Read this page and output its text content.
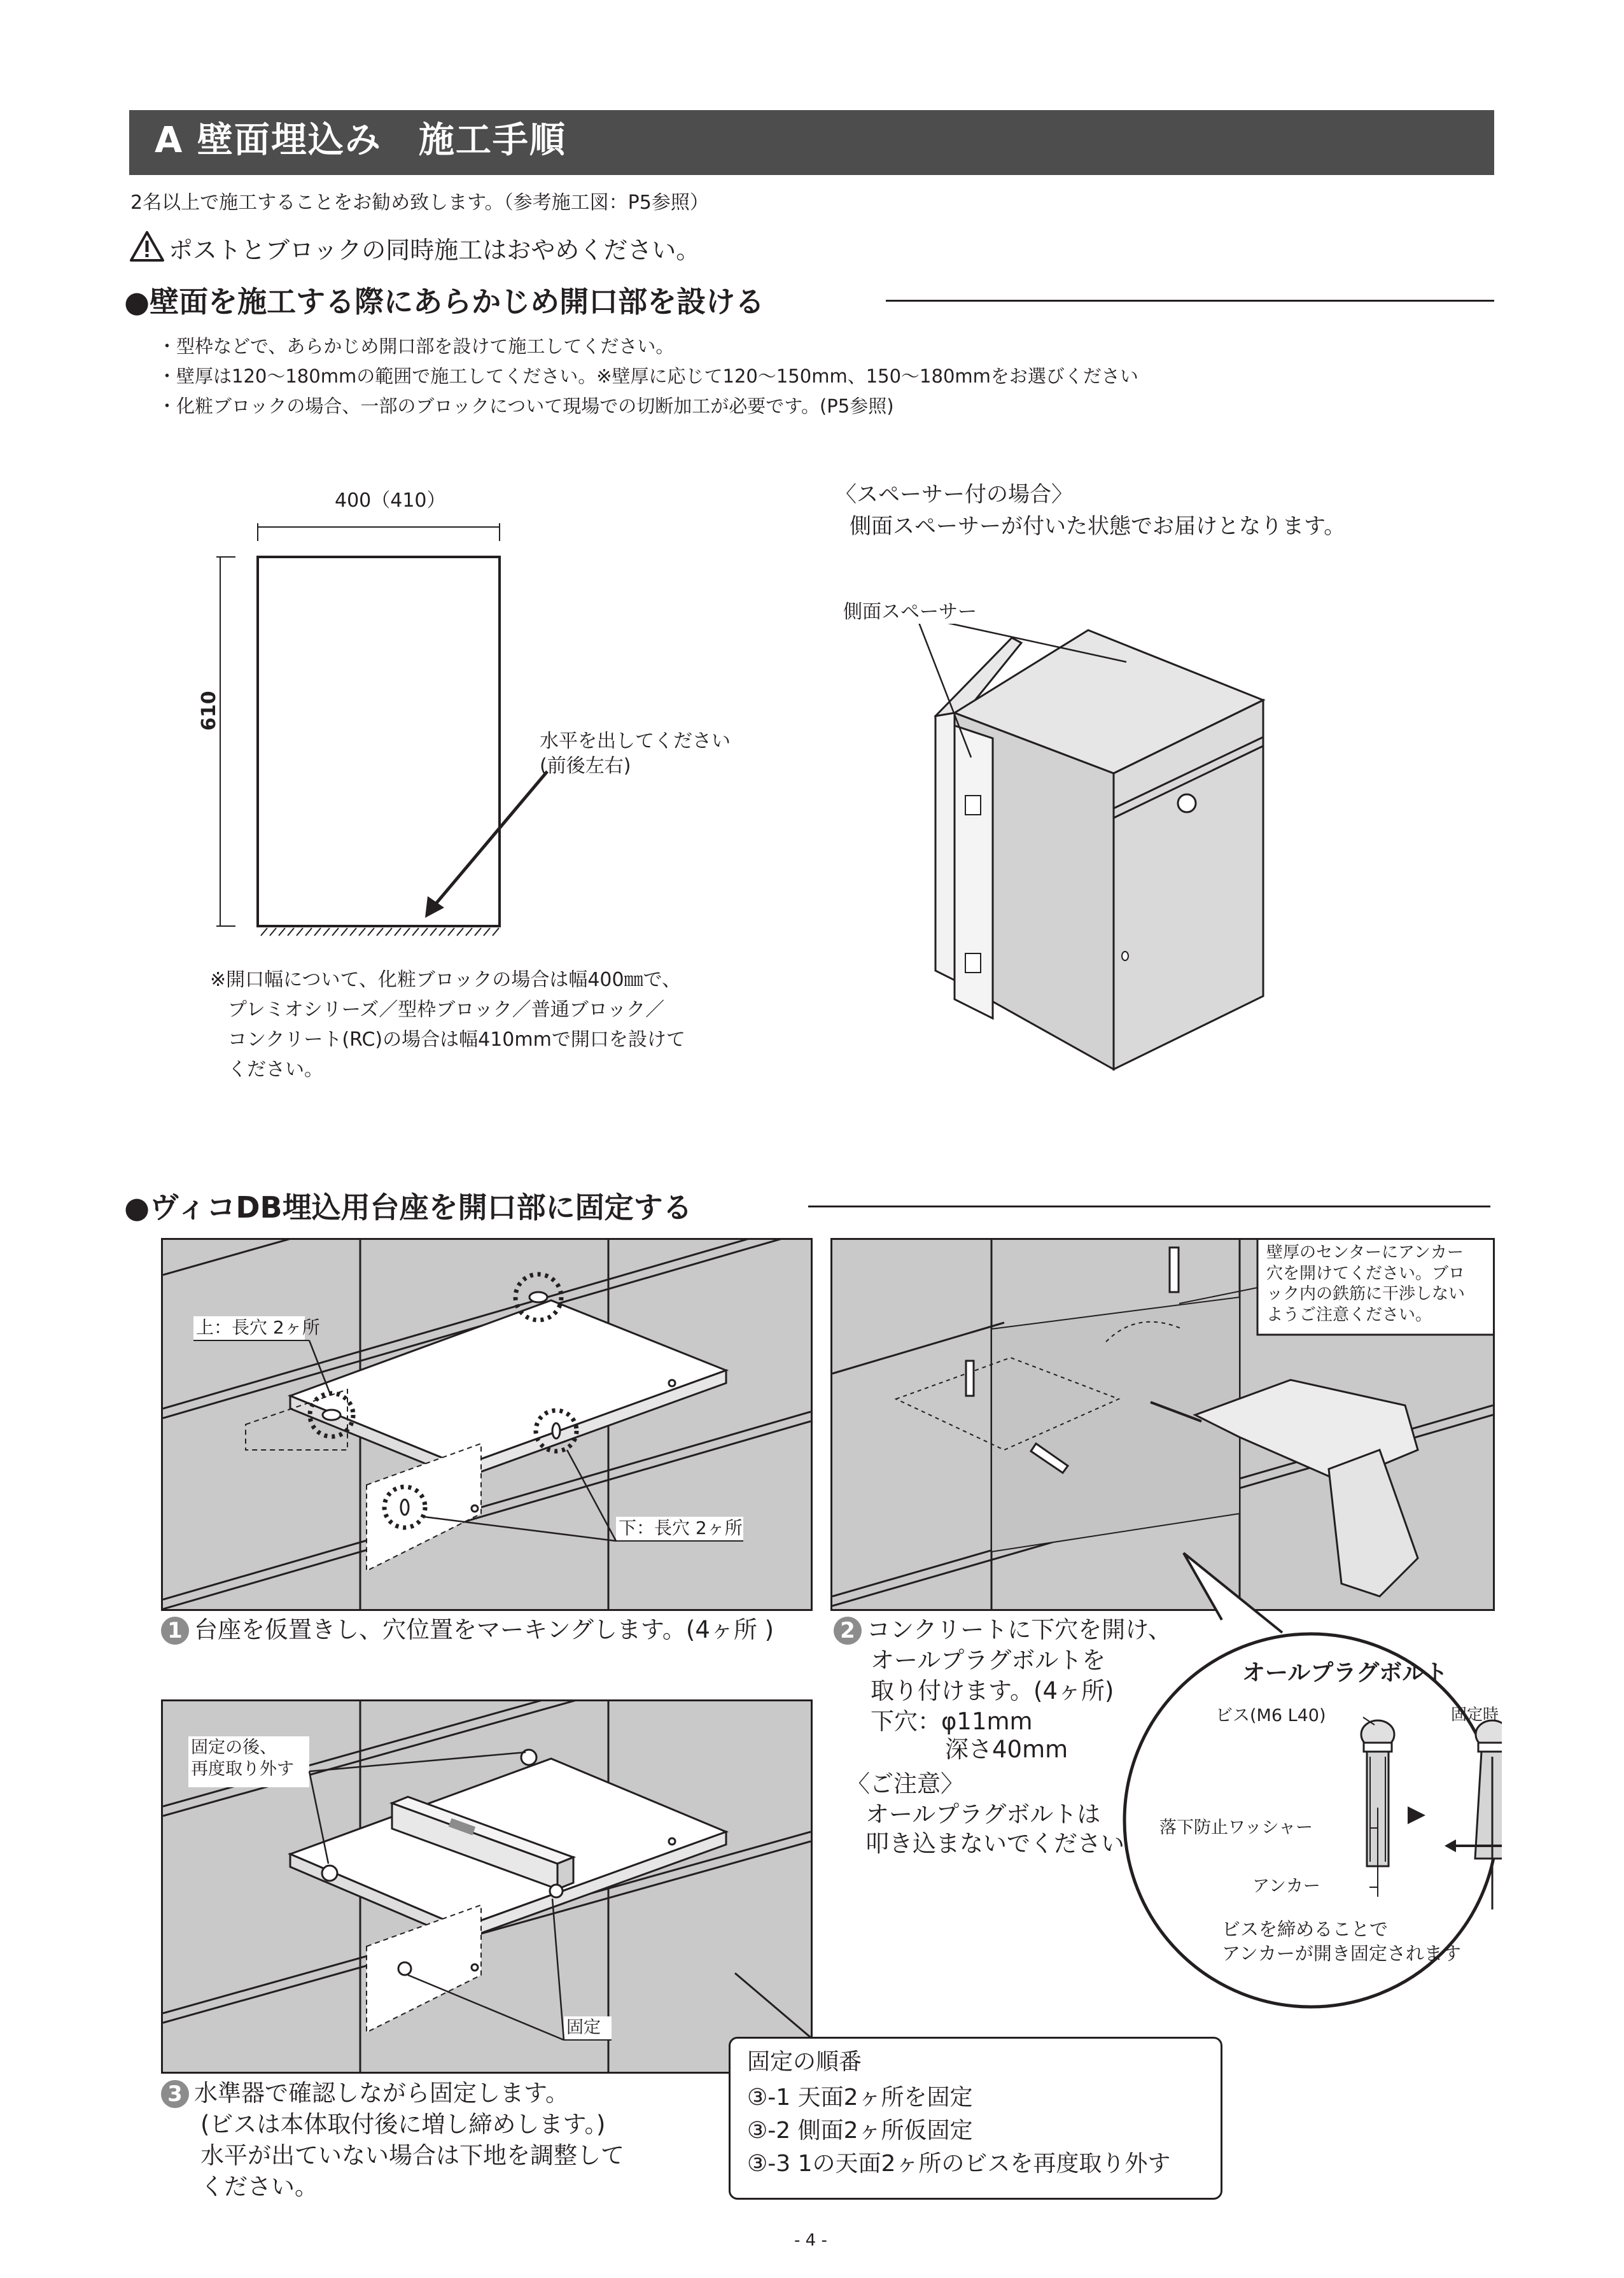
A 壁面埋込み　施工手順
2名以上で施工することをお勧め致します。（参考施工図：P5参照）
ポストとブロックの同時施工はおやめください。
●壁面を施工する際にあらかじめ開口部を設ける
・型枠などで、あらかじめ開口部を設けて施工してください。
・壁厚は120～180mmの範囲で施工してください。※壁厚に応じて120～150mm、150～180mmをお選びください
・化粧ブロックの場合、一部のブロックについて現場での切断加工が必要です。(P5参照)
400（410）
610
水平を出してください
(前後左右)
※開口幅について、化粧ブロックの場合は幅400㎜で、
プレミオシリーズ／型枠ブロック／普通ブロック／
コンクリート(RC)の場合は幅410mmで開口を設けて
ください。
〈スペーサー付の場合〉
側面スペーサーが付いた状態でお届けとなります。
側面スペーサー
●ヴィコDB埋込用台座を開口部に固定する
上：長穴 2ヶ所
下：長穴 2ヶ所
1 台座を仮置きし、穴位置をマーキングします。(4ヶ所 )
壁厚のセンターにアンカー
穴を開けてください。ブロ
ック内の鉄筋に干渉しない
ようご注意ください。
2 コンクリートに下穴を開け、
オールプラグボルトを
取り付けます。(4ヶ所)
下穴：φ11mm
深さ40mm
〈ご注意〉
オールプラグボルトは
叩き込まないでください
オールプラグボルト
ビス(M6 L40)	固定時
落下防止ワッシャー
アンカー
ビスを締めることで
アンカーが開き固定されます
固定の後、
再度取り外す
固定
3 水準器で確認しながら固定します。
(ビスは本体取付後に増し締めします。)
水平が出ていない場合は下地を調整して
ください。
固定の順番
③-1 天面2ヶ所を固定
③-2 側面2ヶ所仮固定
③-3 1の天面2ヶ所のビスを再度取り外す
- 4 -
